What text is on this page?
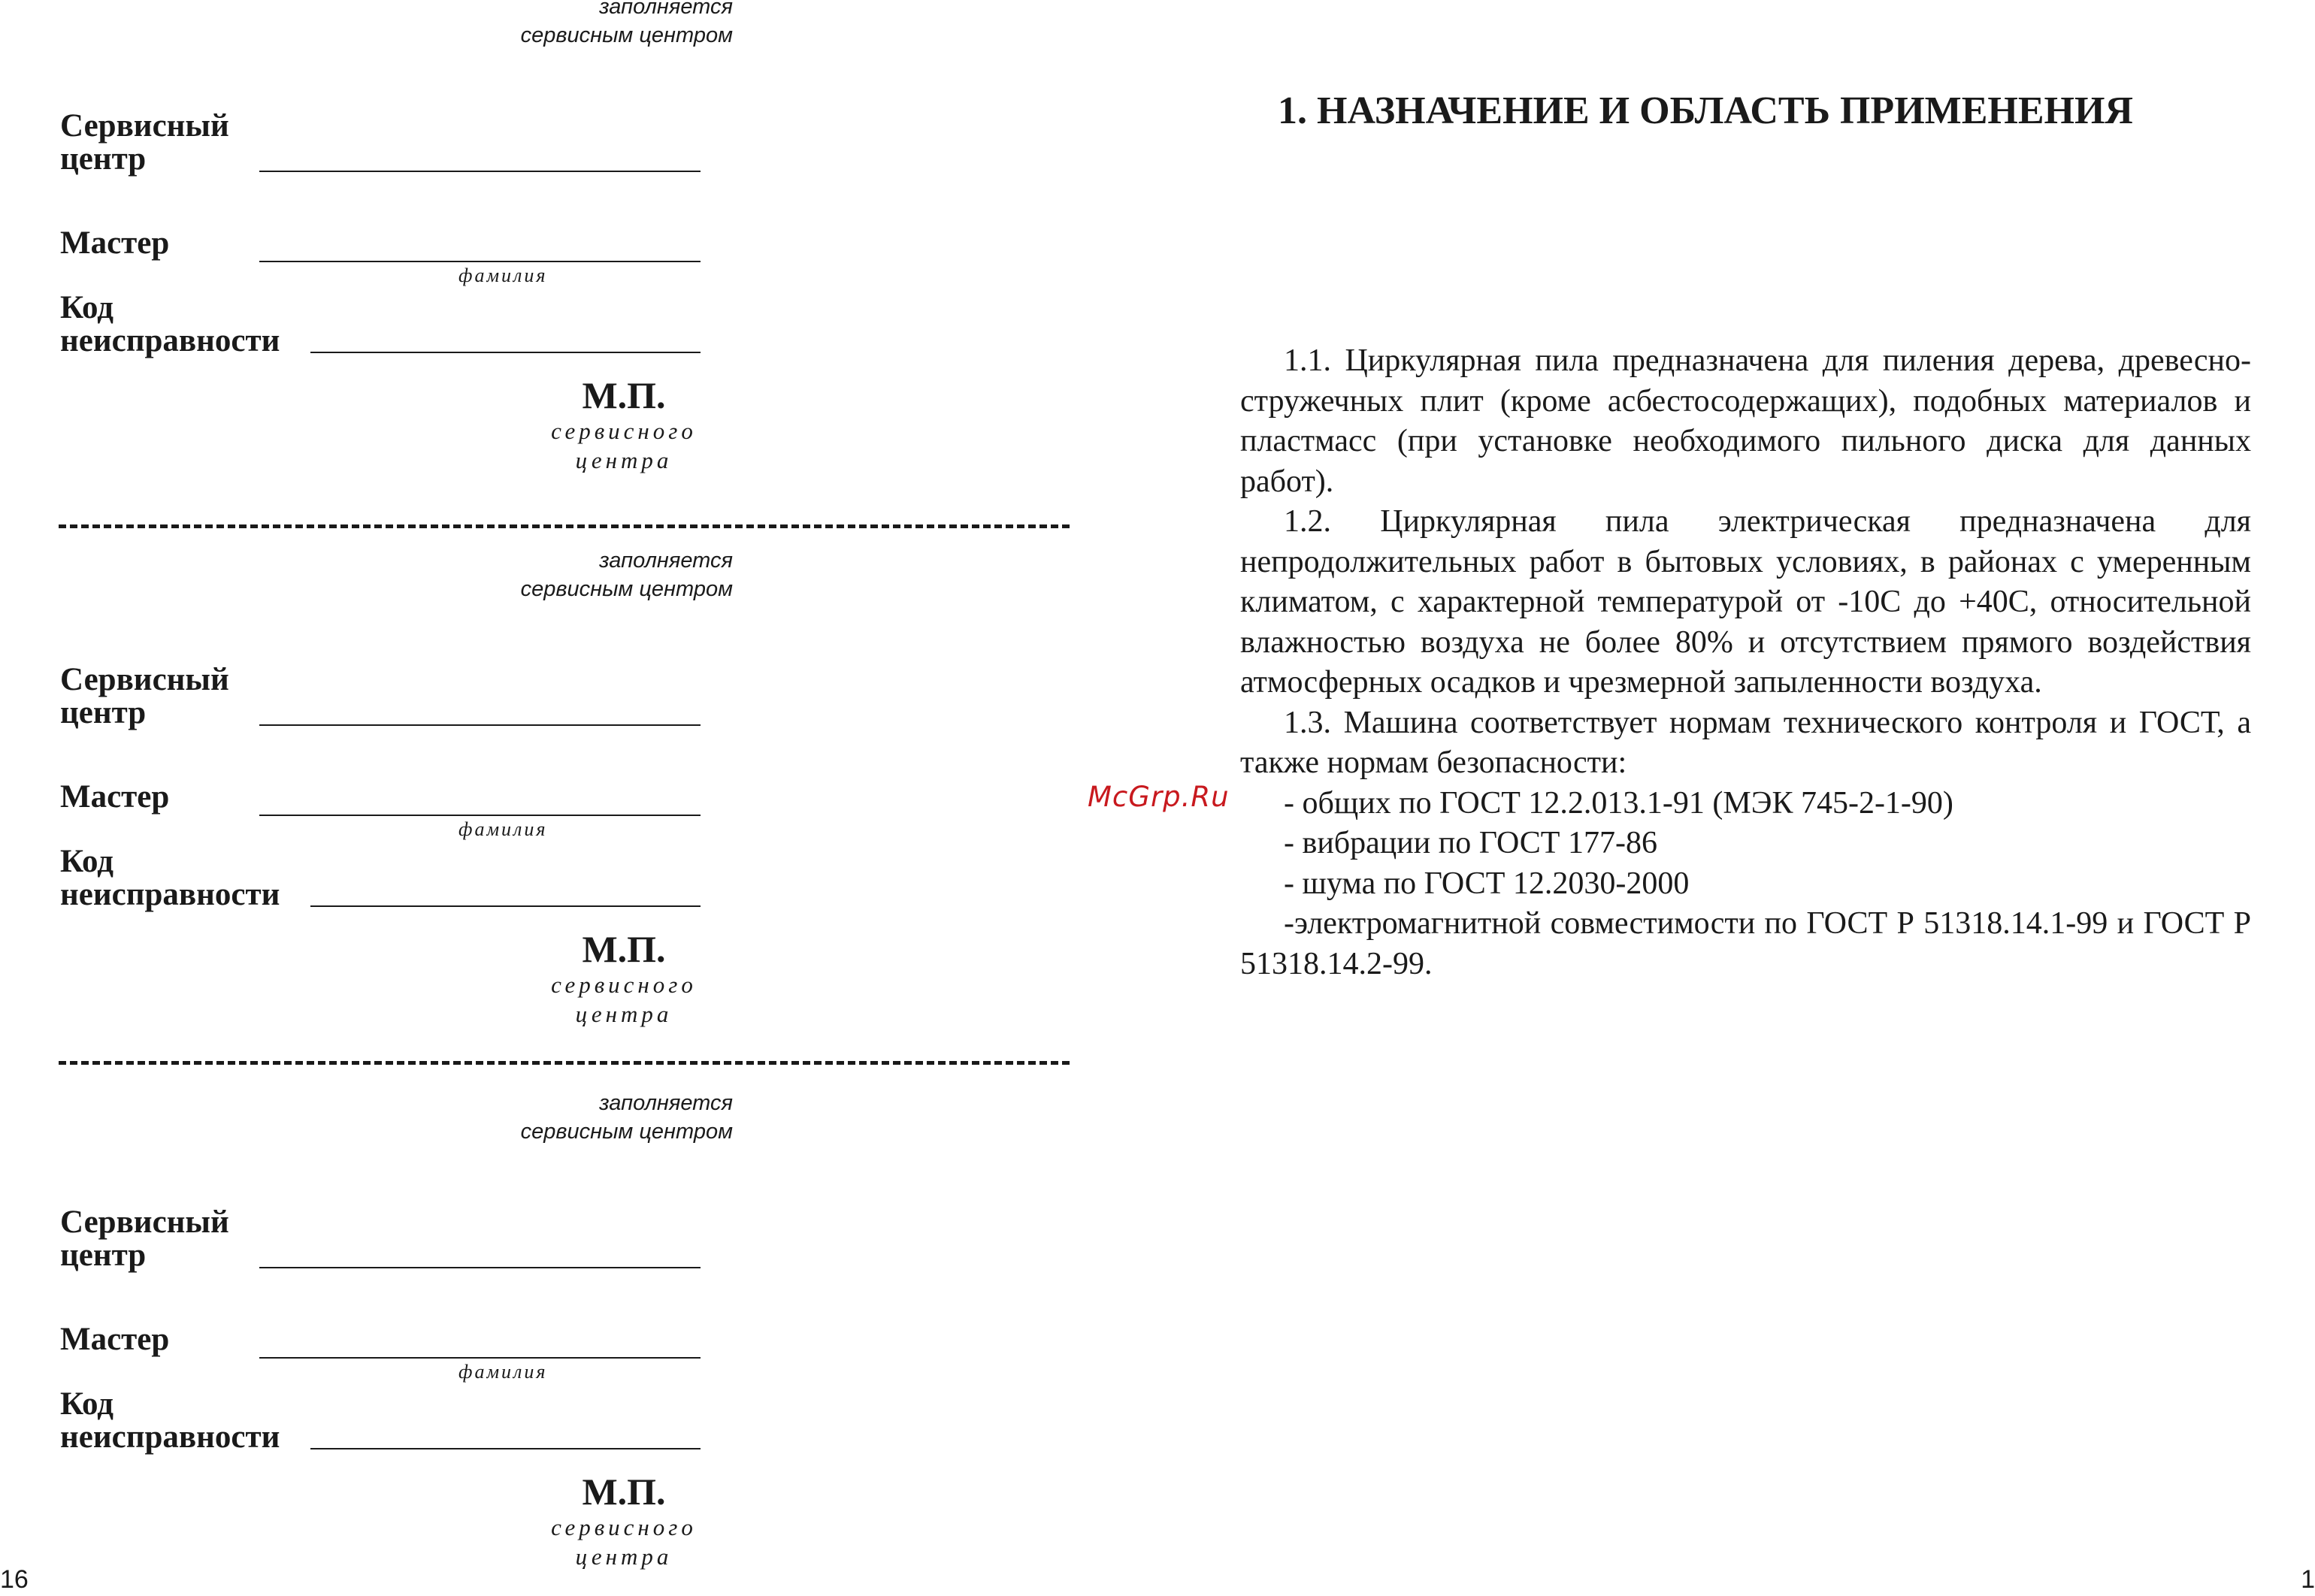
заполняется
сервисным центром
Сервисный
центр
Мастер
фамилия
Код
неисправности
М.П.
сервисного
центра
заполняется
сервисным центром
Сервисный
центр
Мастер
фамилия
Код
неисправности
М.П.
сервисного
центра
заполняется
сервисным центром
Сервисный
центр
Мастер
фамилия
Код
неисправности
М.П.
сервисного
центра
16	1
1. НАЗНАЧЕНИЕ И ОБЛАСТЬ ПРИМЕНЕНИЯ

1.1. Циркулярная пила предназначена для пиления дерева, древесно-стружечных плит (кроме асбестосодержащих), подобных материалов и пластмасс (при установке необходимого пильного диска для данных работ).

1.2. Циркулярная пила электрическая предназначена для непродолжительных работ в бытовых условиях, в районах с умеренным климатом, с характерной температурой от -10С до +40С, относительной влажностью воздуха не более 80% и отсутствием прямого воздействия атмосферных осадков и чрезмерной запыленности воздуха.

1.3. Машина соответствует нормам технического контроля и ГОСТ, а также нормам безопасности:

- общих по ГОСТ 12.2.013.1-91 (МЭК 745-2-1-90)

- вибрации по ГОСТ 177-86

- шума по ГОСТ 12.2030-2000

-электромагнитной совместимости по ГОСТ Р 51318.14.1-99 и ГОСТ Р 51318.14.2-99.

McGrp.Ru
